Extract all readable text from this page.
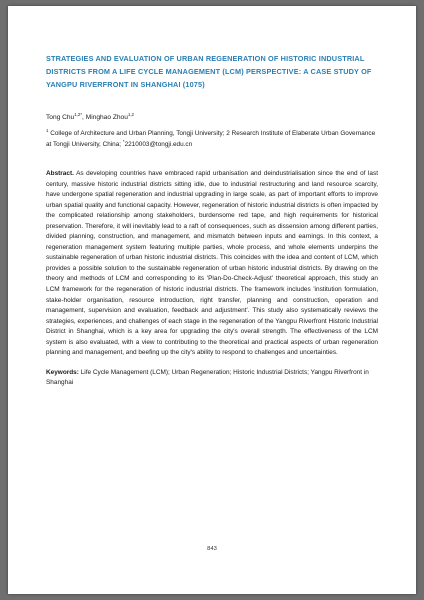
STRATEGIES AND EVALUATION OF URBAN REGENERATION OF HISTORIC INDUSTRIAL DISTRICTS FROM A LIFE CYCLE MANAGEMENT (LCM) PERSPECTIVE: A CASE STUDY OF YANGPU RIVERFRONT IN SHANGHAI (1075)
Tong Chu$^{1,2*}$, Minghao Zhou$^{1,2}$
$^1$ College of Architecture and Urban Planning, Tongji University; 2 Research Institute of Elaberate Urban Governance at Tongji University, China; *2210003@tongji.edu.cn
Abstract. As developing countries have embraced rapid urbanisation and deindustrialisation since the end of last century, massive historic industrial districts sitting idle, due to industrial restructuring and land resource scarcity, have undergone spatial regeneration and industrial upgrading in large scale, as part of important efforts to improve urban spatial quality and functional capacity. However, regeneration of historic industrial districts is often impacted by the complicated relationship among stakeholders, burdensome red tape, and high requirements for historical preservation. Therefore, it will inevitably lead to a raft of consequences, such as dissension among different parties, divided planning, construction, and management, and mismatch between inputs and earnings. In this context, a regeneration management system featuring multiple parties, whole process, and whole elements underpins the sustainable regeneration of urban historic industrial districts. This coincides with the idea and content of LCM, which provides a possible solution to the sustainable regeneration of urban historic industrial districts. By drawing on the theory and methods of LCM and corresponding to its 'Plan-Do-Check-Adjust' theoretical approach, this study an LCM framework for the regeneration of historic industrial districts. The framework includes 'institution formulation, stake-holder organisation, resource introduction, right transfer, planning and construction, operation and management, supervision and evaluation, feedback and adjustment'. This study also systematically reviews the strategies, experiences, and challenges of each stage in the regeneration of the Yangpu Riverfront Historic Industrial District in Shanghai, which is a key area for upgrading the city's overall strength. The effectiveness of the LCM system is also evaluated, with a view to contributing to the theoretical and practical aspects of urban regeneration planning and management, and beefing up the city's ability to respond to challenges and uncertainties.
Keywords: Life Cycle Management (LCM); Urban Regeneration; Historic Industrial Districts; Yangpu Riverfront in Shanghai
843
